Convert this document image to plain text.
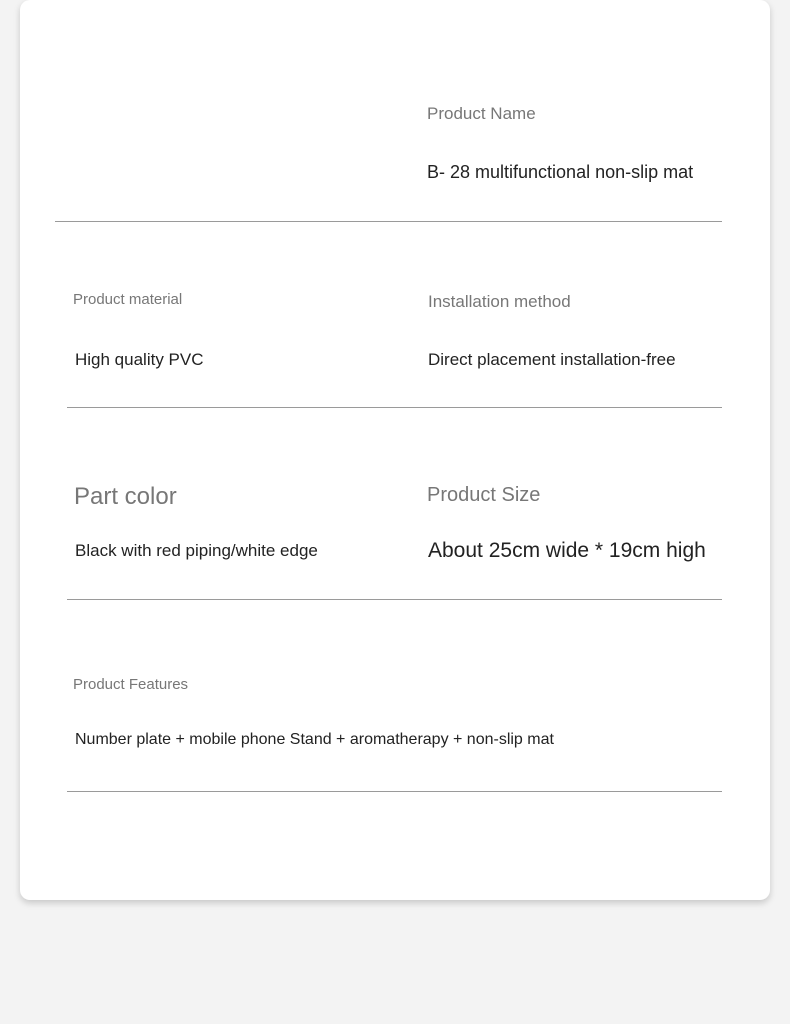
Product Name
B- 28 multifunctional non-slip mat
Product material
High quality PVC
Installation method
Direct placement installation-free
Part color
Black with red piping/white edge
Product Size
About 25cm wide * 19cm high
Product Features
Number plate + mobile phone Stand + aromatherapy + non-slip mat
